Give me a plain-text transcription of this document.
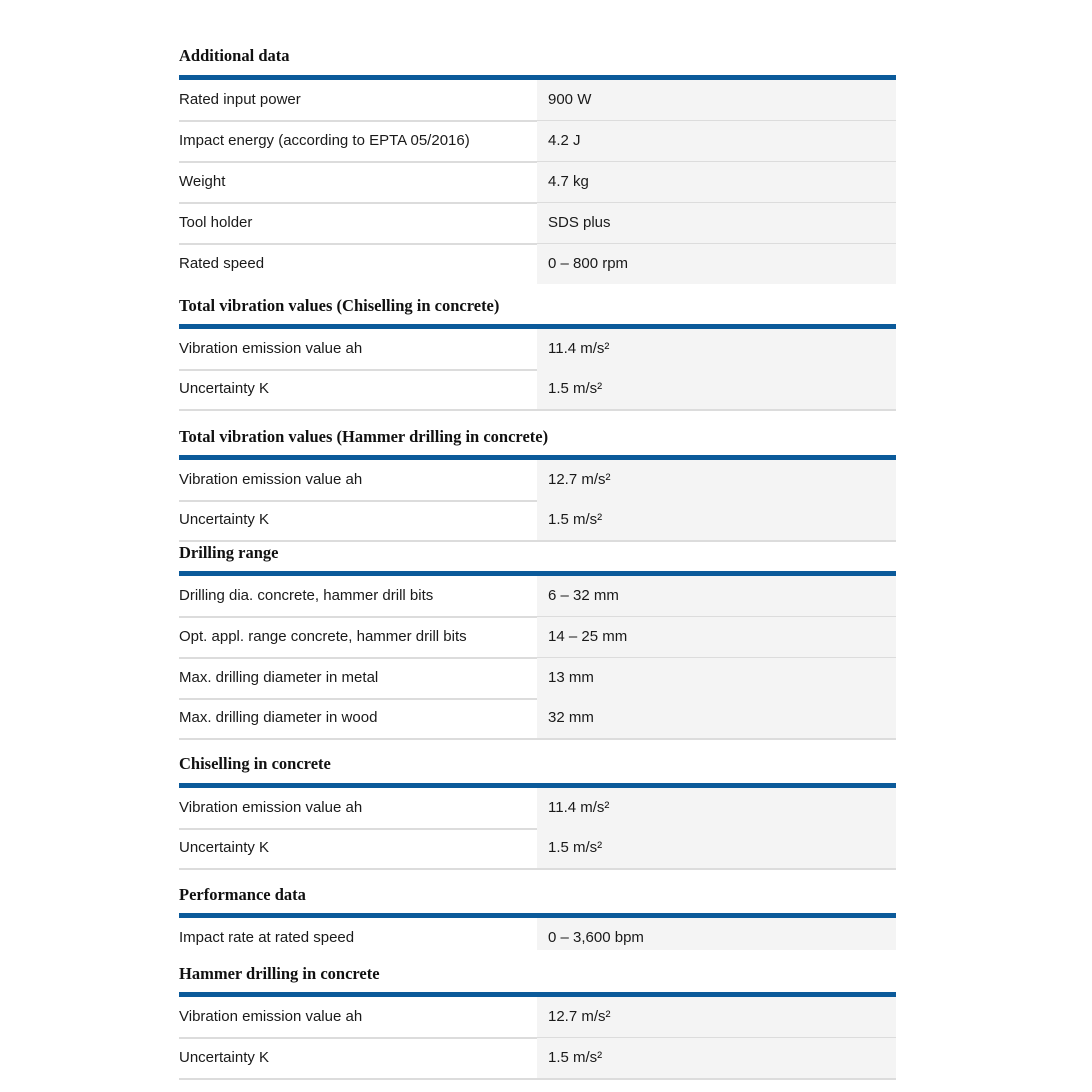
Additional data
Rated input power	900 W
Impact energy (according to EPTA 05/2016)	4.2 J
Weight	4.7 kg
Tool holder	SDS plus
Rated speed	0 – 800 rpm
Total vibration values (Chiselling in concrete)
Vibration emission value ah	11.4 m/s²
Uncertainty K	1.5 m/s²
Total vibration values (Hammer drilling in concrete)
Vibration emission value ah	12.7 m/s²
Uncertainty K	1.5 m/s²
Drilling range
Drilling dia. concrete, hammer drill bits	6 – 32 mm
Opt. appl. range concrete, hammer drill bits	14 – 25 mm
Max. drilling diameter in metal	13 mm
Max. drilling diameter in wood	32 mm
Chiselling in concrete
Vibration emission value ah	11.4 m/s²
Uncertainty K	1.5 m/s²
Performance data
Impact rate at rated speed	0 – 3,600 bpm
Hammer drilling in concrete
Vibration emission value ah	12.7 m/s²
Uncertainty K	1.5 m/s²
